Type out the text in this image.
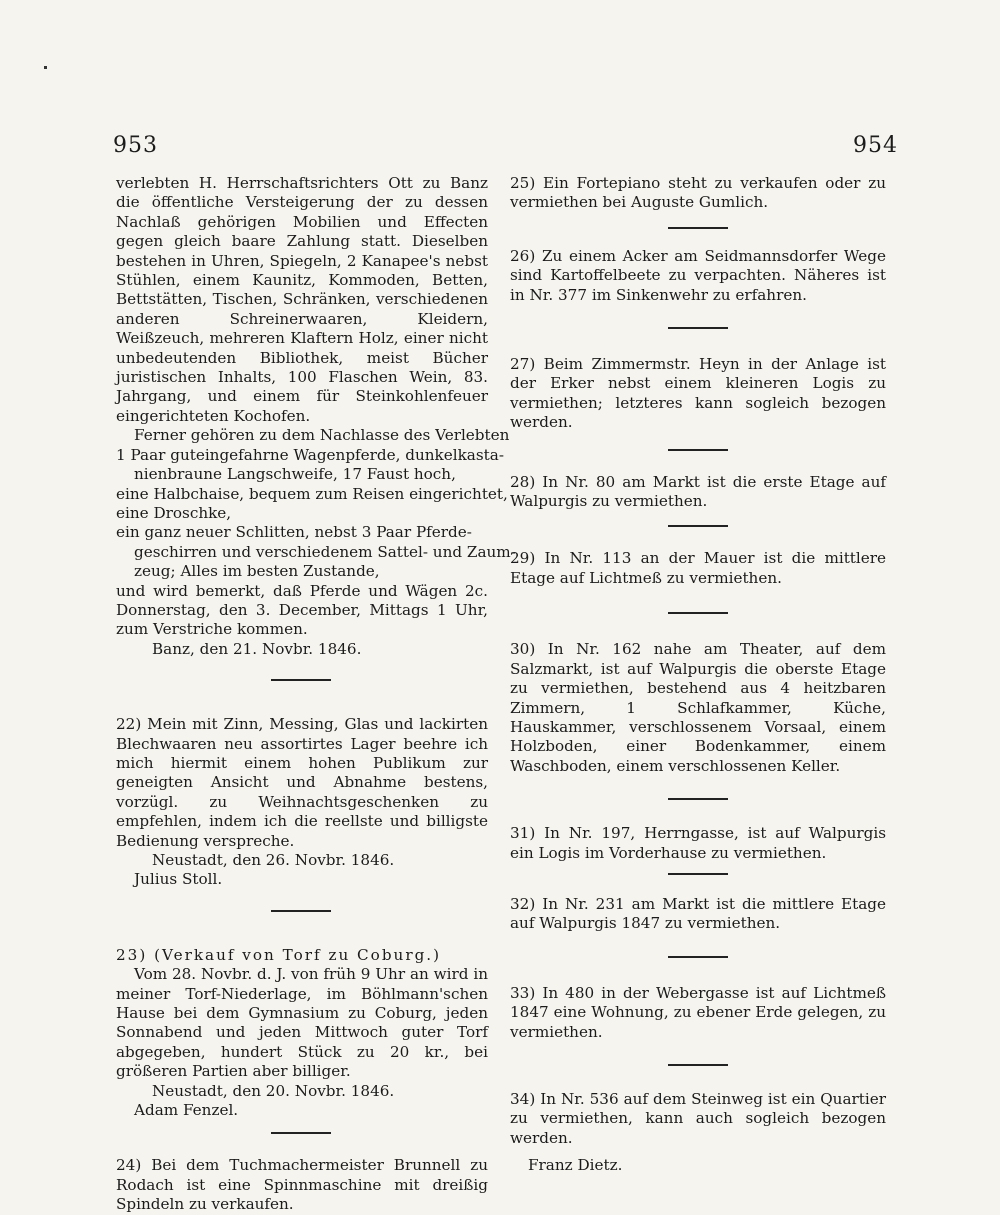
953	954

verlebten H. Herrschaftsrichters Ott zu Banz die öffentliche Versteigerung der zu dessen Nachlaß gehörigen Mobilien und Effecten gegen gleich baare Zahlung statt. Dieselben bestehen in Uhren, Spiegeln, 2 Kanapee's nebst Stühlen, einem Kaunitz, Kommoden, Betten, Bettstätten, Tischen, Schränken, verschiedenen anderen Schreinerwaaren, Kleidern, Weißzeuch, mehreren Klaftern Holz, einer nicht unbedeutenden Bibliothek, meist Bücher juristischen Inhalts, 100 Flaschen Wein, 83. Jahrgang, und einem für Steinkohlenfeuer eingerichteten Kochofen.

Ferner gehören zu dem Nachlasse des Verlebten
1 Paar guteingefahrne Wagenpferde, dunkelkasta-
nienbraune Langschweife, 17 Faust hoch,
eine Halbchaise, bequem zum Reisen eingerichtet,
eine Droschke,
ein ganz neuer Schlitten, nebst 3 Paar Pferde-
geschirren und verschiedenem Sattel- und Zaum-
zeug; Alles im besten Zustande,

und wird bemerkt, daß Pferde und Wägen 2c. Donnerstag, den 3. December, Mittags 1 Uhr, zum Verstriche kommen.

Banz, den 21. Novbr. 1846.

22) Mein mit Zinn, Messing, Glas und lackirten Blechwaaren neu assortirtes Lager beehre ich mich hiermit einem hohen Publikum zur geneigten Ansicht und Abnahme bestens, vorzügl. zu Weihnachtsgeschenken zu empfehlen, indem ich die reellste und billigste Bedienung verspreche.

Neustadt, den 26. Novbr. 1846.

Julius Stoll.

23) (Verkauf von Torf zu Coburg.)

Vom 28. Novbr. d. J. von früh 9 Uhr an wird in meiner Torf-Niederlage, im Böhlmann'schen Hause bei dem Gymnasium zu Coburg, jeden Sonnabend und jeden Mittwoch guter Torf abgegeben, hundert Stück zu 20 kr., bei größeren Partien aber billiger.

Neustadt, den 20. Novbr. 1846.

Adam Fenzel.

24) Bei dem Tuchmachermeister Brunnell zu Rodach ist eine Spinnmaschine mit dreißig Spindeln zu verkaufen.

25) Ein Fortepiano steht zu verkaufen oder zu vermiethen bei Auguste Gumlich.

26) Zu einem Acker am Seidmannsdorfer Wege sind Kartoffelbeete zu verpachten. Näheres ist in Nr. 377 im Sinkenwehr zu erfahren.

27) Beim Zimmermstr. Heyn in der Anlage ist der Erker nebst einem kleineren Logis zu vermiethen; letzteres kann sogleich bezogen werden.

28) In Nr. 80 am Markt ist die erste Etage auf Walpurgis zu vermiethen.

29) In Nr. 113 an der Mauer ist die mittlere Etage auf Lichtmeß zu vermiethen.

30) In Nr. 162 nahe am Theater, auf dem Salzmarkt, ist auf Walpurgis die oberste Etage zu vermiethen, bestehend aus 4 heitzbaren Zimmern, 1 Schlafkammer, Küche, Hauskammer, verschlossenem Vorsaal, einem Holzboden, einer Bodenkammer, einem Waschboden, einem verschlossenen Keller.

31) In Nr. 197, Herrngasse, ist auf Walpurgis ein Logis im Vorderhause zu vermiethen.

32) In Nr. 231 am Markt ist die mittlere Etage auf Walpurgis 1847 zu vermiethen.

33) In 480 in der Webergasse ist auf Lichtmeß 1847 eine Wohnung, zu ebener Erde gelegen, zu vermiethen.

34) In Nr. 536 auf dem Steinweg ist ein Quartier zu vermiethen, kann auch sogleich bezogen werden.

Franz Dietz.
